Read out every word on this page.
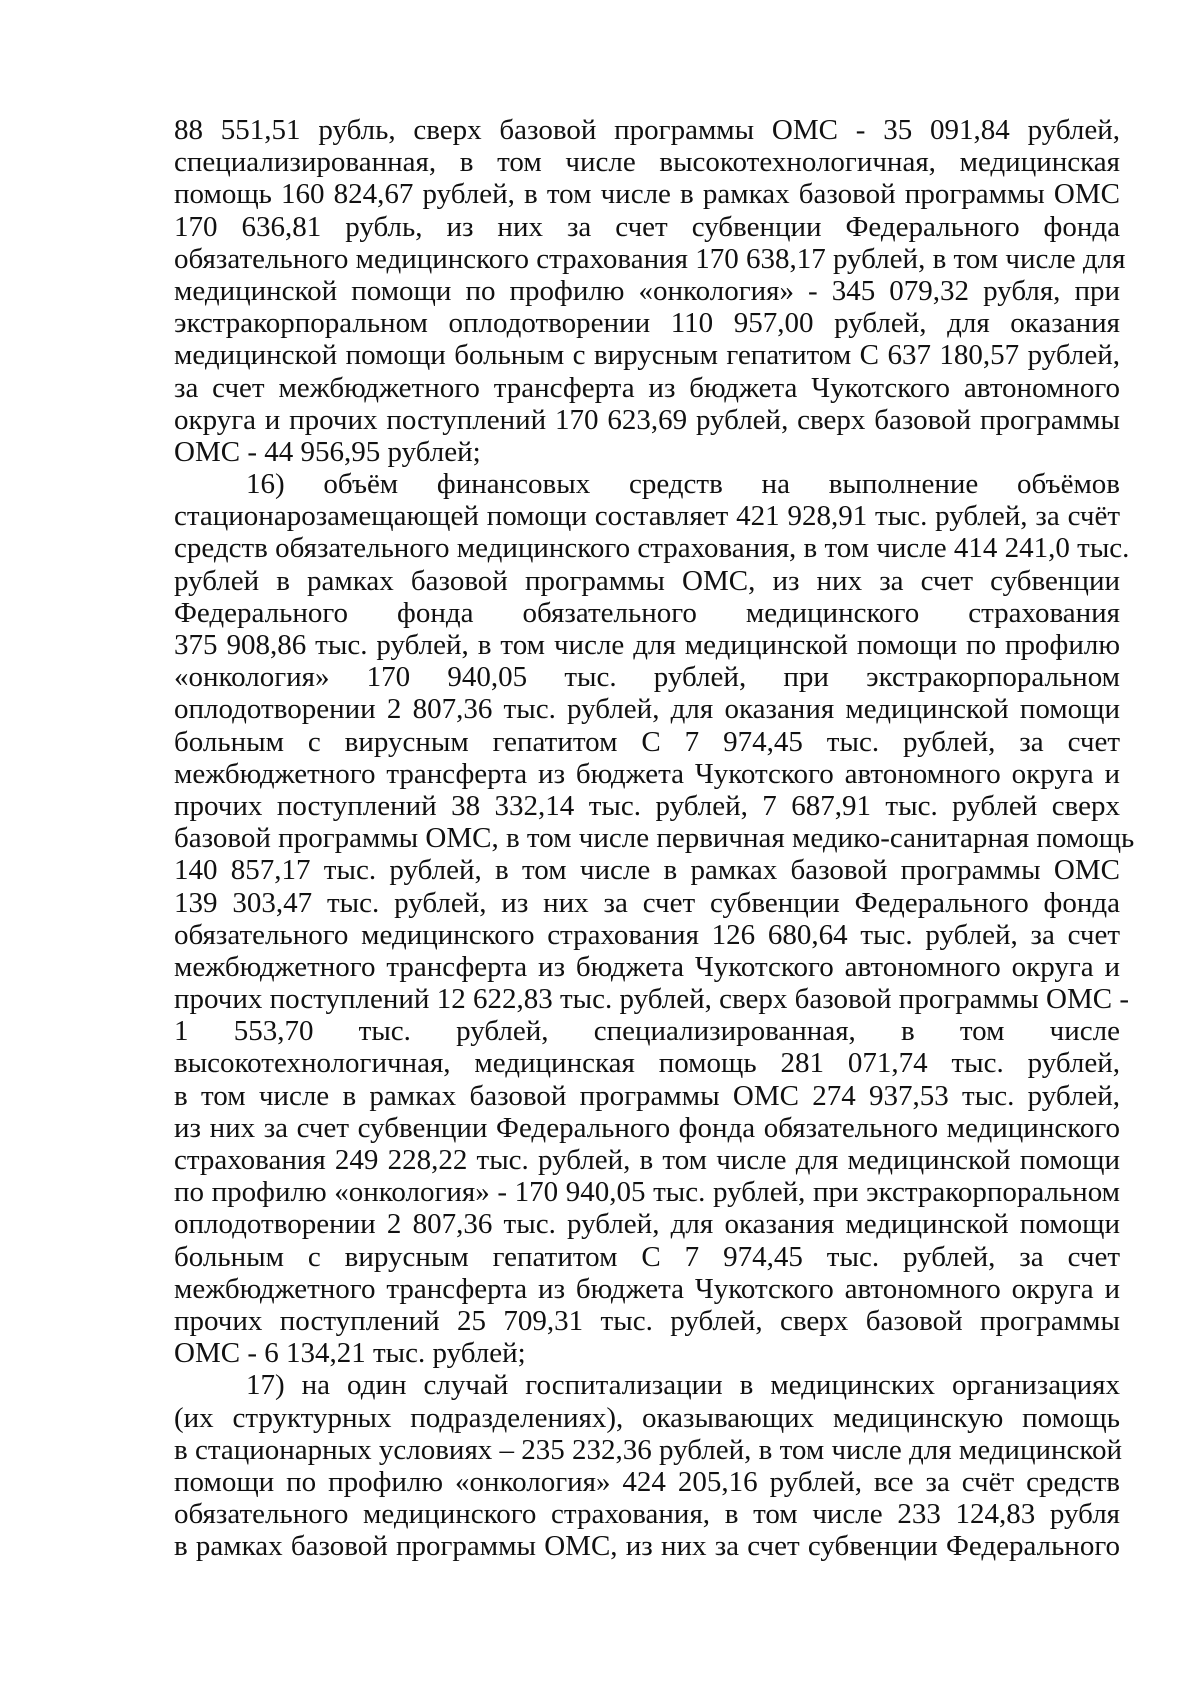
88 551,51 рубль, сверх базовой программы ОМС - 35 091,84 рублей,
специализированная, в том числе высокотехнологичная, медицинская
помощь 160 824,67 рублей, в том числе в рамках базовой программы ОМС
170 636,81 рубль, из них за счет субвенции Федерального фонда
обязательного медицинского страхования 170 638,17 рублей, в том числе для
медицинской помощи по профилю «онкология» - 345 079,32 рубля, при
экстракорпоральном оплодотворении 110 957,00 рублей, для оказания
медицинской помощи больным с вирусным гепатитом С 637 180,57 рублей,
за счет межбюджетного трансферта из бюджета Чукотского автономного
округа и прочих поступлений 170 623,69 рублей, сверх базовой программы
ОМС - 44 956,95 рублей;
16) объём финансовых средств на выполнение объёмов
стационарозамещающей помощи составляет 421 928,91 тыс. рублей, за счёт
средств обязательного медицинского страхования, в том числе 414 241,0 тыс.
рублей в рамках базовой программы ОМС, из них за счет субвенции
Федерального фонда обязательного медицинского страхования
375 908,86 тыс. рублей, в том числе для медицинской помощи по профилю
«онкология» 170 940,05 тыс. рублей, при экстракорпоральном
оплодотворении 2 807,36 тыс. рублей, для оказания медицинской помощи
больным с вирусным гепатитом С 7 974,45 тыс. рублей, за счет
межбюджетного трансферта из бюджета Чукотского автономного округа и
прочих поступлений 38 332,14 тыс. рублей, 7 687,91 тыс. рублей сверх
базовой программы ОМС, в том числе первичная медико-санитарная помощь
140 857,17 тыс. рублей, в том числе в рамках базовой программы ОМС
139 303,47 тыс. рублей, из них за счет субвенции Федерального фонда
обязательного медицинского страхования 126 680,64 тыс. рублей, за счет
межбюджетного трансферта из бюджета Чукотского автономного округа и
прочих поступлений 12 622,83 тыс. рублей, сверх базовой программы ОМС -
1 553,70 тыс. рублей, специализированная, в том числе
высокотехнологичная, медицинская помощь 281 071,74 тыс. рублей,
в том числе в рамках базовой программы ОМС 274 937,53 тыс. рублей,
из них за счет субвенции Федерального фонда обязательного медицинского
страхования 249 228,22 тыс. рублей, в том числе для медицинской помощи
по профилю «онкология» - 170 940,05 тыс. рублей, при экстракорпоральном
оплодотворении 2 807,36 тыс. рублей, для оказания медицинской помощи
больным с вирусным гепатитом С 7 974,45 тыс. рублей, за счет
межбюджетного трансферта из бюджета Чукотского автономного округа и
прочих поступлений 25 709,31 тыс. рублей, сверх базовой программы
ОМС - 6 134,21 тыс. рублей;
17) на один случай госпитализации в медицинских организациях
(их структурных подразделениях), оказывающих медицинскую помощь
в стационарных условиях – 235 232,36 рублей, в том числе для медицинской
помощи по профилю «онкология» 424 205,16 рублей, все за счёт средств
обязательного медицинского страхования, в том числе 233 124,83 рубля
в рамках базовой программы ОМС, из них за счет субвенции Федерального
